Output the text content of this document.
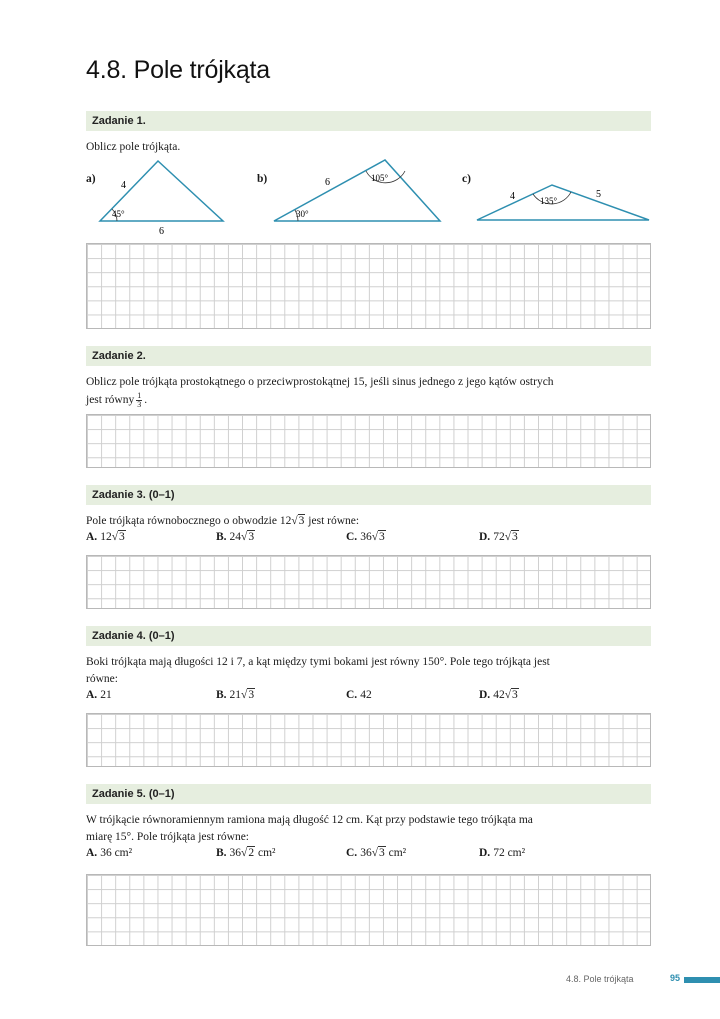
4.8. Pole trójkąta
Zadanie 1.
Oblicz pole trójkąta.
a)
4
45°
6
b)	6	105°
30°
c)
4	5
135°
Zadanie 2.
Oblicz pole trójkąta prostokątnego o przeciwprostokątnej 15, jeśli sinus jednego z jego kątów ostrych
jest równy $\frac{1}{3}$ .
Zadanie 3. (0–1)
Pole trójkąta równobocznego o obwodzie 12√3 jest równe:
A. 12√3	B. 24√3	C. 36√3	D. 72√3
Zadanie 4. (0–1)
Boki trójkąta mają długości 12 i 7, a kąt między tymi bokami jest równy 150°. Pole tego trójkąta jest
równe:
A. 21	B. 21√3	C. 42	D. 42√3
Zadanie 5. (0–1)
W trójkącie równoramiennym ramiona mają długość 12 cm. Kąt przy podstawie tego trójkąta ma
miarę 15°. Pole trójkąta jest równe:
A. 36 cm²	B. 36√2 cm²	C. 36√3 cm²	D. 72 cm²
4.8. Pole trójkąta	95
